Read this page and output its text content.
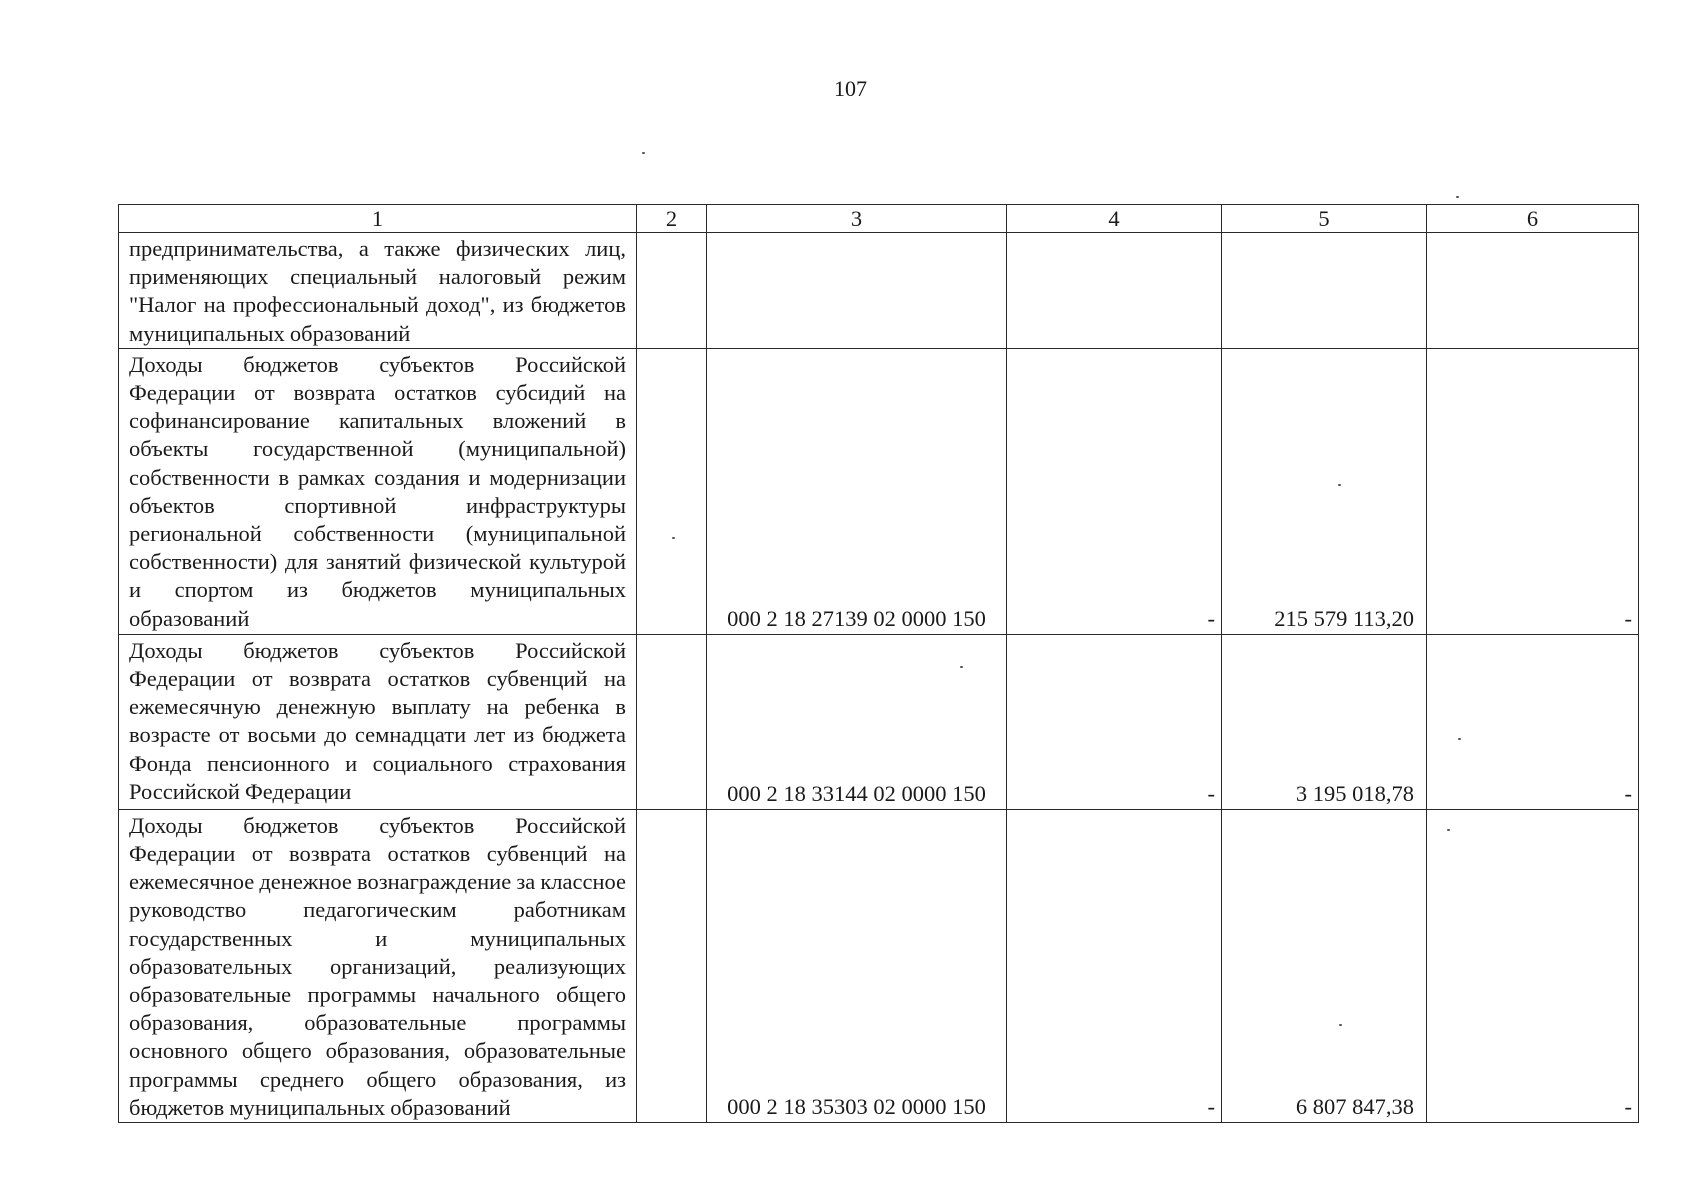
107
1	2	3	4	5	6
предпринимательства, а также физических лиц, применяющих специальный налоговый режим "Налог на профессиональный доход", из бюджетов муниципальных образований					
Доходы бюджетов субъектов Российской Федерации от возврата остатков субсидий на софинансирование капитальных вложений в объекты государственной (муниципальной) собственности в рамках создания и модернизации объектов спортивной инфраструктуры региональной собственности (муниципальной собственности) для занятий физической культурой и спортом из бюджетов муниципальных образований		000 2 18 27139 02 0000 150	-	215 579 113,20	-
Доходы бюджетов субъектов Российской Федерации от возврата остатков субвенций на ежемесячную денежную выплату на ребенка в возрасте от восьми до семнадцати лет из бюджета Фонда пенсионного и социального страхования Российской Федерации		000 2 18 33144 02 0000 150	-	3 195 018,78	-
Доходы бюджетов субъектов Российской Федерации от возврата остатков субвенций на ежемесячное денежное вознаграждение за классное руководство педагогическим работникам государственных и муниципальных образовательных организаций, реализующих образовательные программы начального общего образования, образовательные программы основного общего образования, образовательные программы среднего общего образования, из бюджетов муниципальных образований		000 2 18 35303 02 0000 150	-	6 807 847,38	-
